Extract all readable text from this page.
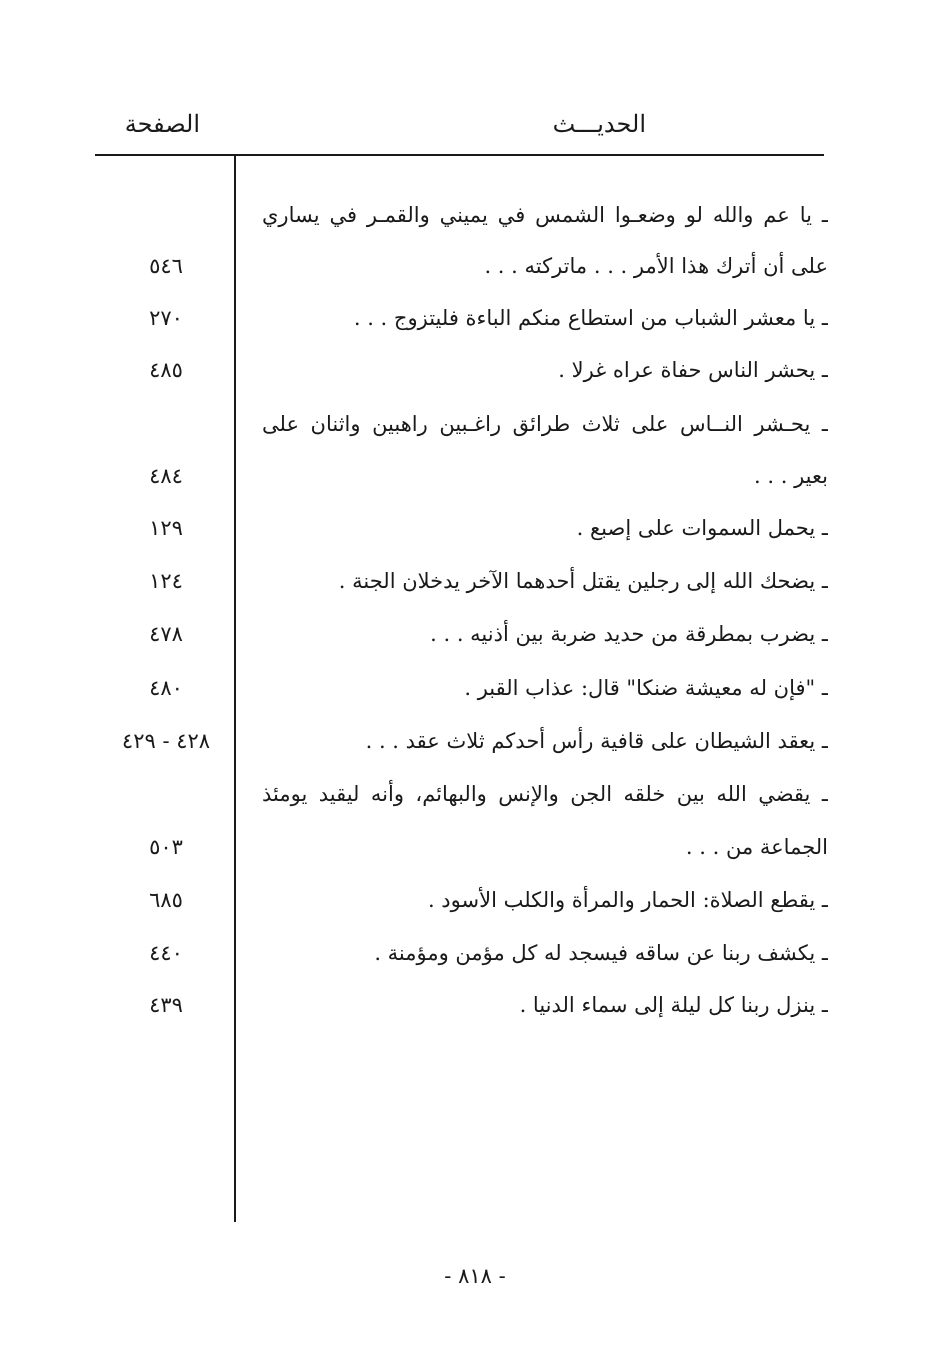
الحديـــث
الصفحة
ـ يا عم والله لو وضعـوا الشمس في يميني والقمـر في يساري
على أن أترك هذا الأمر . . . ماتركته . . .
٥٤٦
ـ يا معشر الشباب من استطاع منكم الباءة فليتزوج . . .
٢٧٠
ـ يحشر الناس حفاة عراه غرلا .
٤٨٥
ـ يحـشر النــاس على ثلاث طرائق راغـبين راهبين واثنان على
بعير . . .
٤٨٤
ـ يحمل السموات على إصبع .
١٢٩
ـ يضحك الله إلى رجلين يقتل أحدهما الآخر يدخلان الجنة .
١٢٤
ـ يضرب بمطرقة من حديد ضربة بين أذنيه . . .
٤٧٨
ـ "فإن له معيشة ضنكا" قال: عذاب القبر .
٤٨٠
ـ يعقد الشيطان على قافية رأس أحدكم ثلاث عقد . . .
٤٢٨ - ٤٢٩
ـ يقضي الله بين خلقه الجن والإنس والبهائم، وأنه ليقيد يومئذ
الجماعة من . . .
٥٠٣
ـ يقطع الصلاة: الحمار والمرأة والكلب الأسود .
٦٨٥
ـ يكشف ربنا عن ساقه فيسجد له كل مؤمن ومؤمنة .
٤٤٠
ـ ينزل ربنا كل ليلة إلى سماء الدنيا .
٤٣٩
- ٨١٨ -
